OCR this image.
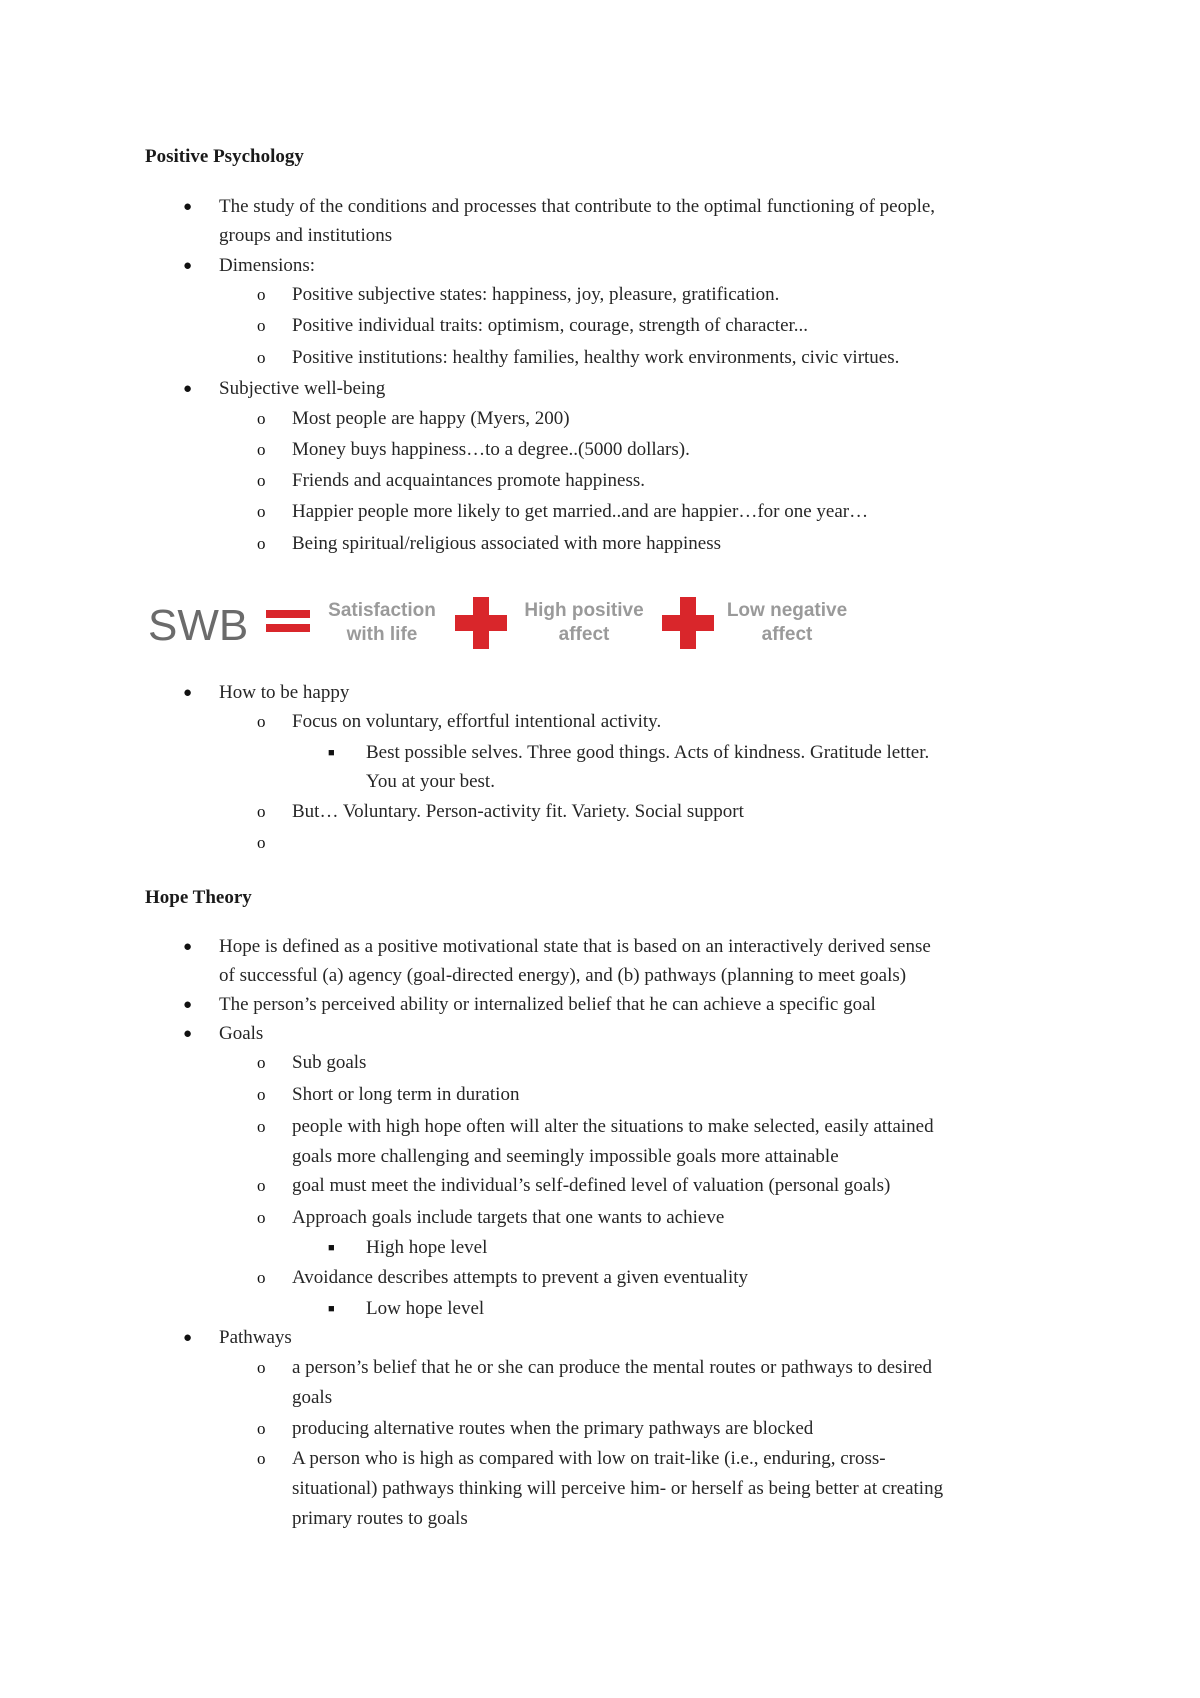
Positive Psychology
● The study of the conditions and processes that contribute to the optimal functioning of people,
groups and institutions
● Dimensions:
o Positive subjective states: happiness, joy, pleasure, gratification.
o Positive individual traits: optimism, courage, strength of character...
o Positive institutions: healthy families, healthy work environments, civic virtues.
● Subjective well-being
o Most people are happy (Myers, 200)
o Money buys happiness…to a degree..(5000 dollars).
o Friends and acquaintances promote happiness.
o Happier people more likely to get married..and are happier…for one year…
o Being spiritual/religious associated with more happiness
SWB	Satisfaction
with life
High positive
affect
Low negative
affect
● How to be happy
o Focus on voluntary, effortful intentional activity.
■ Best possible selves. Three good things. Acts of kindness. Gratitude letter.
You at your best.
o But… Voluntary. Person-activity fit. Variety. Social support
o
Hope Theory
● Hope is defined as a positive motivational state that is based on an interactively derived sense
of successful (a) agency (goal-directed energy), and (b) pathways (planning to meet goals)
● The person’s perceived ability or internalized belief that he can achieve a specific goal
● Goals
o Sub goals
o Short or long term in duration
o people with high hope often will alter the situations to make selected, easily attained
goals more challenging and seemingly impossible goals more attainable
o goal must meet the individual’s self-defined level of valuation (personal goals)
o Approach goals include targets that one wants to achieve
■ High hope level
o Avoidance describes attempts to prevent a given eventuality
■ Low hope level
● Pathways
o a person’s belief that he or she can produce the mental routes or pathways to desired
goals
o producing alternative routes when the primary pathways are blocked
o A person who is high as compared with low on trait-like (i.e., enduring, cross-
situational) pathways thinking will perceive him- or herself as being better at creating
primary routes to goals
